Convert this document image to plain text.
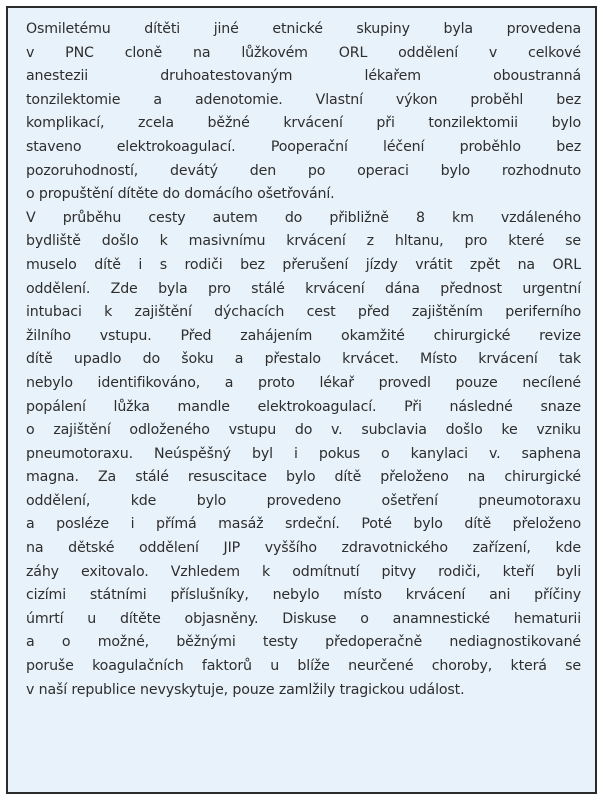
Osmiletému dítěti jiné etnické skupiny byla provedena
v PNC cloně na lůžkovém ORL oddělení v celkové
anestezii druhoatestovaným lékařem oboustranná
tonzilektomie a adenotomie. Vlastní výkon proběhl bez
komplikací, zcela běžné krvácení při tonzilektomii bylo
staveno elektrokoagulací. Pooperační léčení proběhlo bez
pozoruhodností, devátý den po operaci bylo rozhodnuto
o propuštění dítěte do domácího ošetřování.
V průběhu cesty autem do přibližně 8 km vzdáleného
bydliště došlo k masivnímu krvácení z hltanu, pro které se
muselo dítě i s rodiči bez přerušení jízdy vrátit zpět na ORL
oddělení. Zde byla pro stálé krvácení dána přednost urgentní
intubaci k zajištění dýchacích cest před zajištěním periferního
žilního vstupu. Před zahájením okamžité chirurgické revize
dítě upadlo do šoku a přestalo krvácet. Místo krvácení tak
nebylo identifikováno, a proto lékař provedl pouze necílené
popálení lůžka mandle elektrokoagulací. Při následné snaze
o zajištění odloženého vstupu do v. subclavia došlo ke vzniku
pneumotoraxu. Neúspěšný byl i pokus o kanylaci v. saphena
magna. Za stálé resuscitace bylo dítě přeloženo na chirurgické
oddělení, kde bylo provedeno ošetření pneumotoraxu
a posléze i přímá masáž srdeční. Poté bylo dítě přeloženo
na dětské oddělení JIP vyššího zdravotnického zařízení, kde
záhy exitovalo. Vzhledem k odmítnutí pitvy rodiči, kteří byli
cizími státními příslušníky, nebylo místo krvácení ani příčiny
úmrtí u dítěte objasněny. Diskuse o anamnestické hematurii
a o možné, běžnými testy předoperačně nediagnostikované
poruše koagulačních faktorů u blíže neurčené choroby, která se
v naší republice nevyskytuje, pouze zamlžily tragickou událost.
